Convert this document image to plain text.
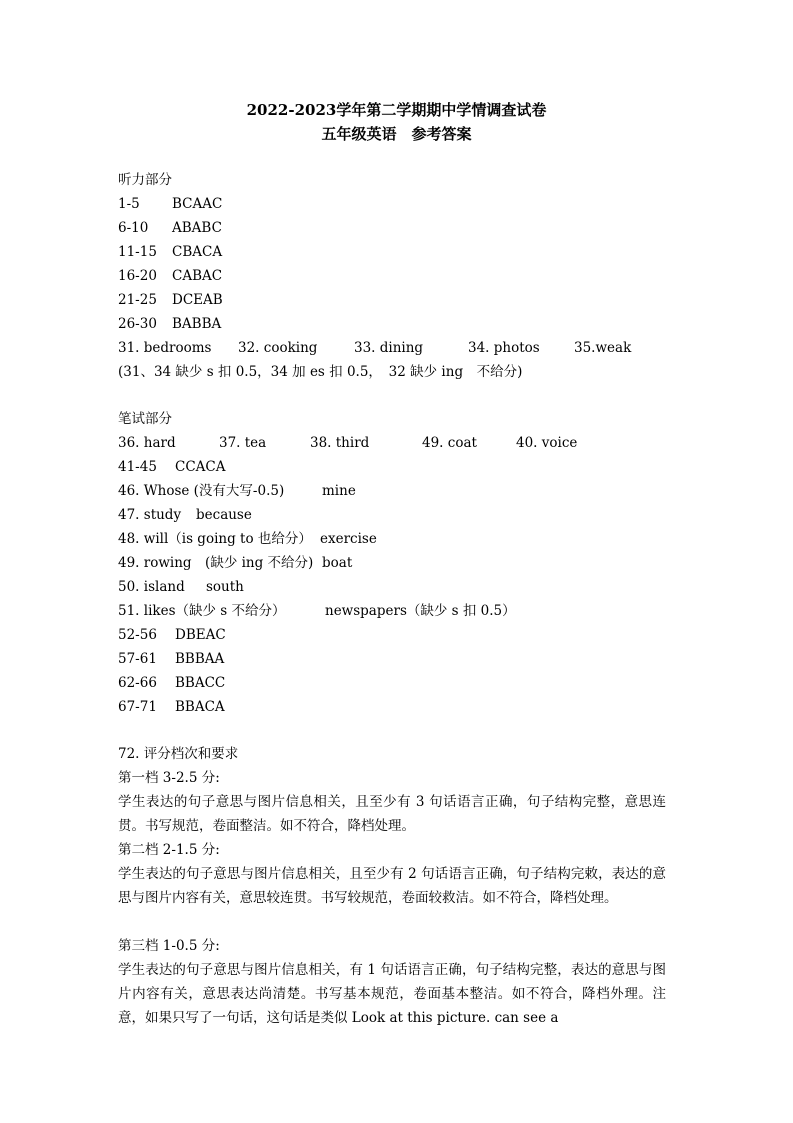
2022-2023学年第二学期期中学情调查试卷
五年级英语　参考答案
听力部分
1-5 BCAAC
6-10 ABABC
11-15 CBACA
16-20 CABAC
21-25 DCEAB
26-30 BABBA
31. bedrooms 32. cooking	33. dining	34. photos	35.weak
(31、34 缺少 s 扣 0.5，34 加 es 扣 0.5，　32 缺少 ing　不给分)
笔试部分
36. hard	37. tea	38. third	49. coat	40. voice
41-45 CCACA
46. Whose (没有大写-0.5)	mine
47. study because
48. will（is going to 也给分） exercise
49. rowing　(缺少 ing 不给分) boat
50. island south
51. likes（缺少 s 不给分）	newspapers（缺少 s 扣 0.5）
52-56 DBEAC
57-61 BBBAA
62-66 BBACC
67-71 BBACA
72. 评分档次和要求
第一档 3-2.5 分:
学生表达的句子意思与图片信息相关，且至少有 3 句话语言正确，句子结构完整，意思连贯。书写规范，卷面整洁。如不符合，降档处理。
第二档 2-1.5 分:
学生表达的句子意思与图片信息相关，且至少有 2 句话语言正确，句子结构完敕，表达的意思与图片内容有关，意思较连贯。书写较规范，卷面较救洁。如不符合，降档处理。
第三档 1-0.5 分:
学生表达的句子意思与图片信息相关，有 1 句话语言正确，句子结构完整，表达的意思与图片内容有关，意思表达尚清楚。书写基本规范，卷面基本整洁。如不符合，降档外理。注意，如果只写了一句话，这句话是类似 Look at this picture. can see a
